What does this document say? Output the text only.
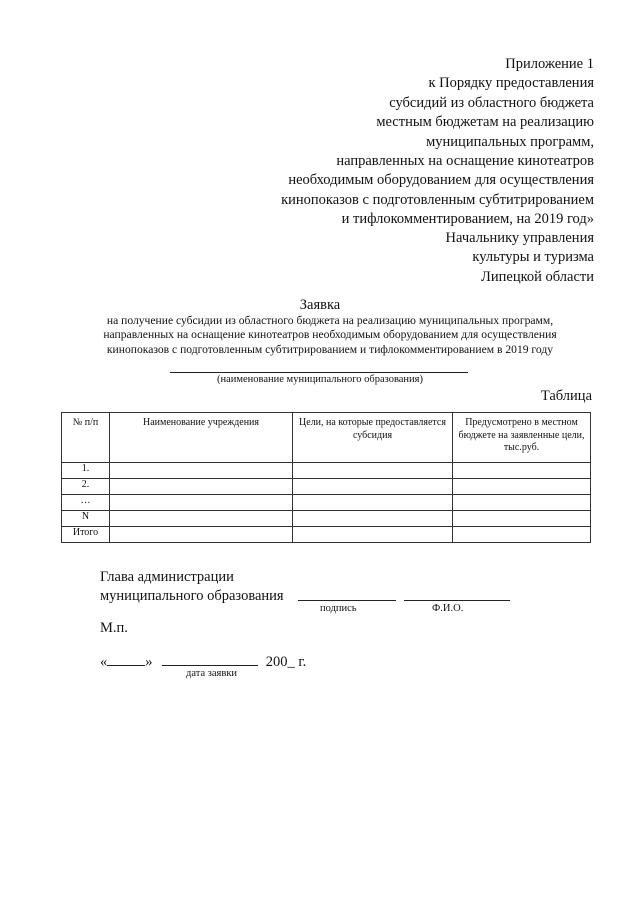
Приложение 1
к Порядку предоставления
субсидий из областного бюджета
местным бюджетам на реализацию
муниципальных программ,
направленных на оснащение кинотеатров
необходимым оборудованием для осуществления
кинопоказов с подготовленным субтитрированием
и тифлокомментированием, на 2019 год»
Начальнику управления
культуры и туризма
Липецкой области
Заявка
на получение субсидии из областного бюджета на реализацию муниципальных программ,
направленных на оснащение кинотеатров необходимым оборудованием для осуществления
кинопоказов с подготовленным субтитрированием и тифлокомментированием в 2019 году
(наименование муниципального образования)
Таблица
№ п/п	Наименование учреждения	Цели, на которые предоставляется субсидия	Предусмотрено в местном бюджете на заявленные цели, тыс.руб.
1.			
2.			
…			
N			
Итого			
Глава администрации
муниципального образования
подпись	Ф.И.О.
М.п.
«	»	200_ г.
дата заявки
